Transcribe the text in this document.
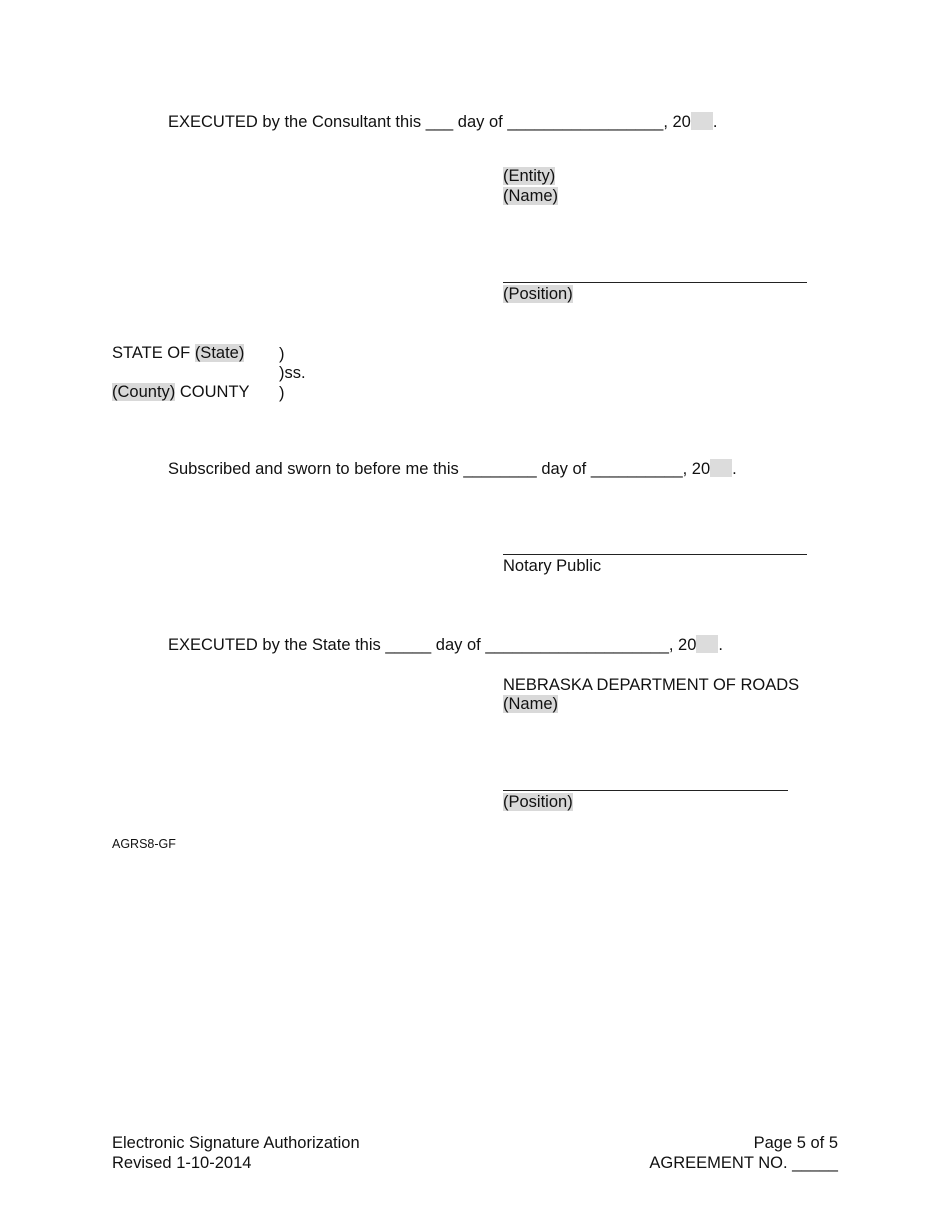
EXECUTED by the Consultant this ___ day of _________________, 20 .
(Entity)
(Name)
(Position)
STATE OF (State) )
)ss.
(County) COUNTY )
Subscribed and sworn to before me this ________ day of __________, 20 .
Notary Public
EXECUTED by the State this _____ day of ____________________, 20 .
NEBRASKA DEPARTMENT OF ROADS
(Name)
(Position)
AGRS8-GF
Electronic Signature Authorization
Revised 1-10-2014
Page 5 of 5
AGREEMENT NO. _____
